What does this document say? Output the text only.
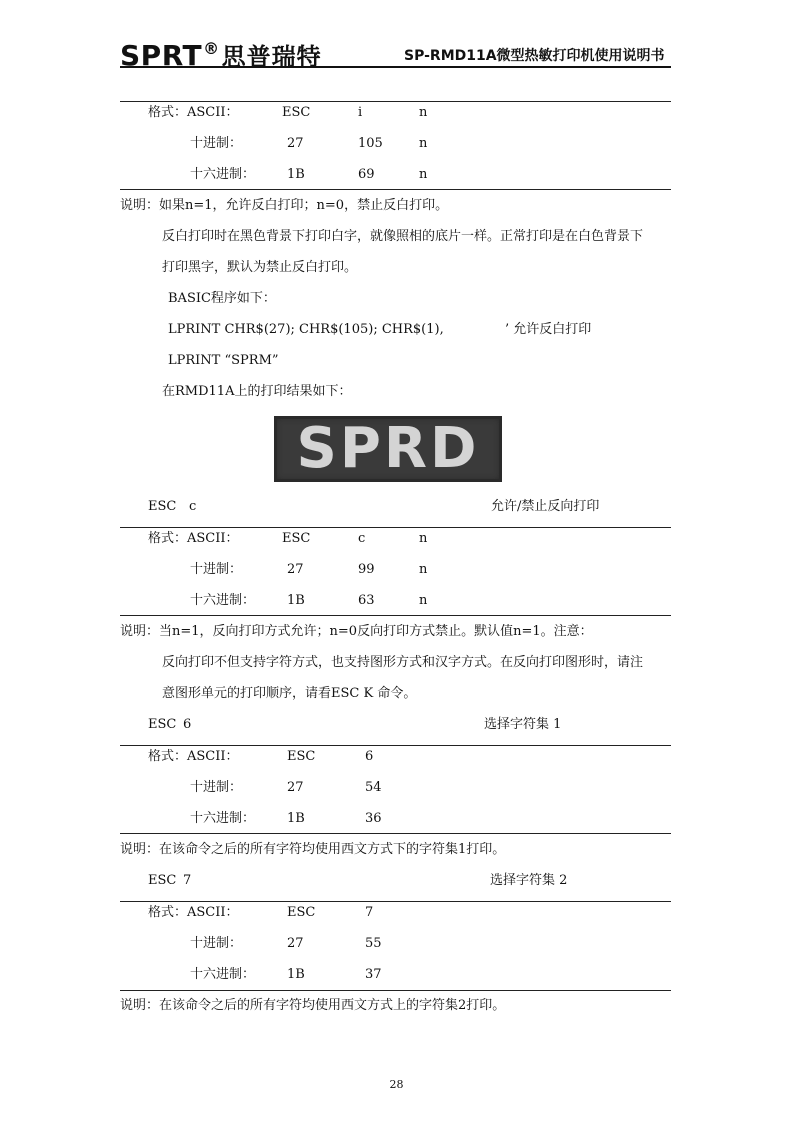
SPRT®思普瑞特	SP-RMD11A微型热敏打印机使用说明书
格式：ASCII：	ESC	i	n
十进制：	27	105	n
十六进制： 1B	69	n
说明：如果n=1，允许反白打印；n=0，禁止反白打印。
反白打印时在黑色背景下打印白字，就像照相的底片一样。正常打印是在白色背景下
打印黑字，默认为禁止反白打印。
BASIC程序如下：
LPRINT CHR$(27); CHR$(105); CHR$(1),	’ 允许反白打印
LPRINT “SPRM”
在RMD11A上的打印结果如下：
SPRD
ESC c	允许/禁止反向打印
格式：ASCII：	ESC	c	n
十进制：	27	99	n
十六进制： 1B	63	n
说明：当n=1，反向打印方式允许；n=0反向打印方式禁止。默认值n=1。注意：
反向打印不但支持字符方式，也支持图形方式和汉字方式。在反向打印图形时，请注
意图形单元的打印顺序，请看ESC K 命令。
ESC 6	选择字符集 1
格式：ASCII：	ESC	6
十进制：	27	54
十六进制： 1B	36
说明：在该命令之后的所有字符均使用西文方式下的字符集1打印。
ESC 7	选择字符集 2
格式：ASCII：	ESC	7
十进制：	27	55
十六进制： 1B	37
说明：在该命令之后的所有字符均使用西文方式上的字符集2打印。
28
